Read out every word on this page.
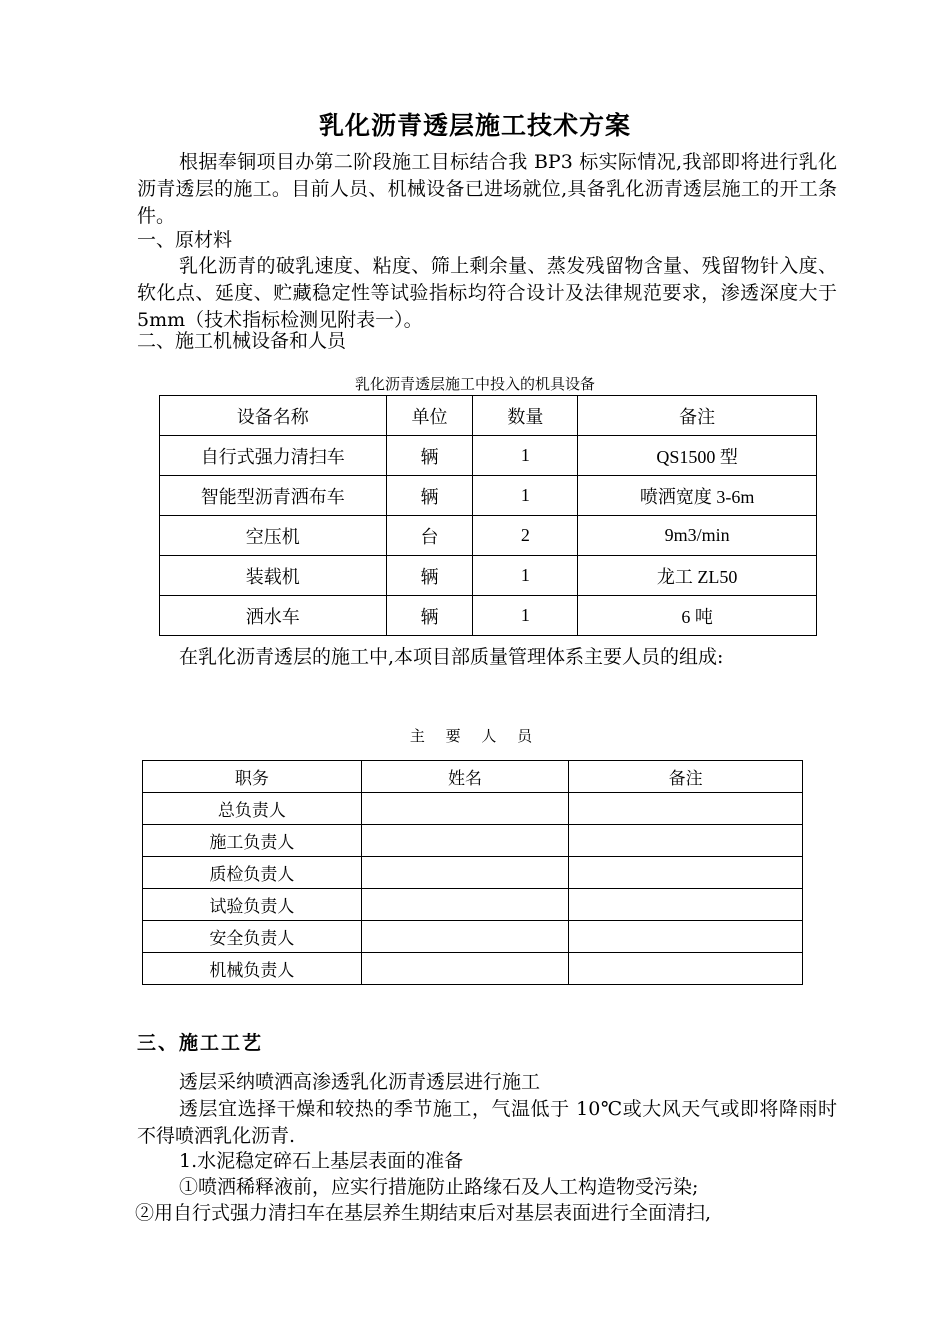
乳化沥青透层施工技术方案
根据奉铜项目办第二阶段施工目标结合我 BP3 标实际情况,我部即将进行乳化沥青透层的施工。目前人员、机械设备已进场就位,具备乳化沥青透层施工的开工条件。
一、原材料
乳化沥青的破乳速度、粘度、筛上剩余量、蒸发残留物含量、残留物针入度、软化点、延度、贮藏稳定性等试验指标均符合设计及法律规范要求，渗透深度大于 5mm（技术指标检测见附表一）。
二、施工机械设备和人员
乳化沥青透层施工中投入的机具设备
设备名称	单位	数量	备注
自行式强力清扫车	辆	1	QS1500 型
智能型沥青洒布车	辆	1	喷洒宽度 3-6m
空压机	台	2	9m3/min
装载机	辆	1	龙工 ZL50
洒水车	辆	1	6 吨
在乳化沥青透层的施工中,本项目部质量管理体系主要人员的组成:
主 要 人 员
职务	姓名	备注
总负责人		
施工负责人		
质检负责人		
试验负责人		
安全负责人		
机械负责人		
三、施工工艺
透层采纳喷洒高渗透乳化沥青透层进行施工
透层宜选择干燥和较热的季节施工，气温低于 10℃或大风天气或即将降雨时不得喷洒乳化沥青.
1.水泥稳定碎石上基层表面的准备
①喷洒稀释液前，应实行措施防止路缘石及人工构造物受污染;
②用自行式强力清扫车在基层养生期结束后对基层表面进行全面清扫,
